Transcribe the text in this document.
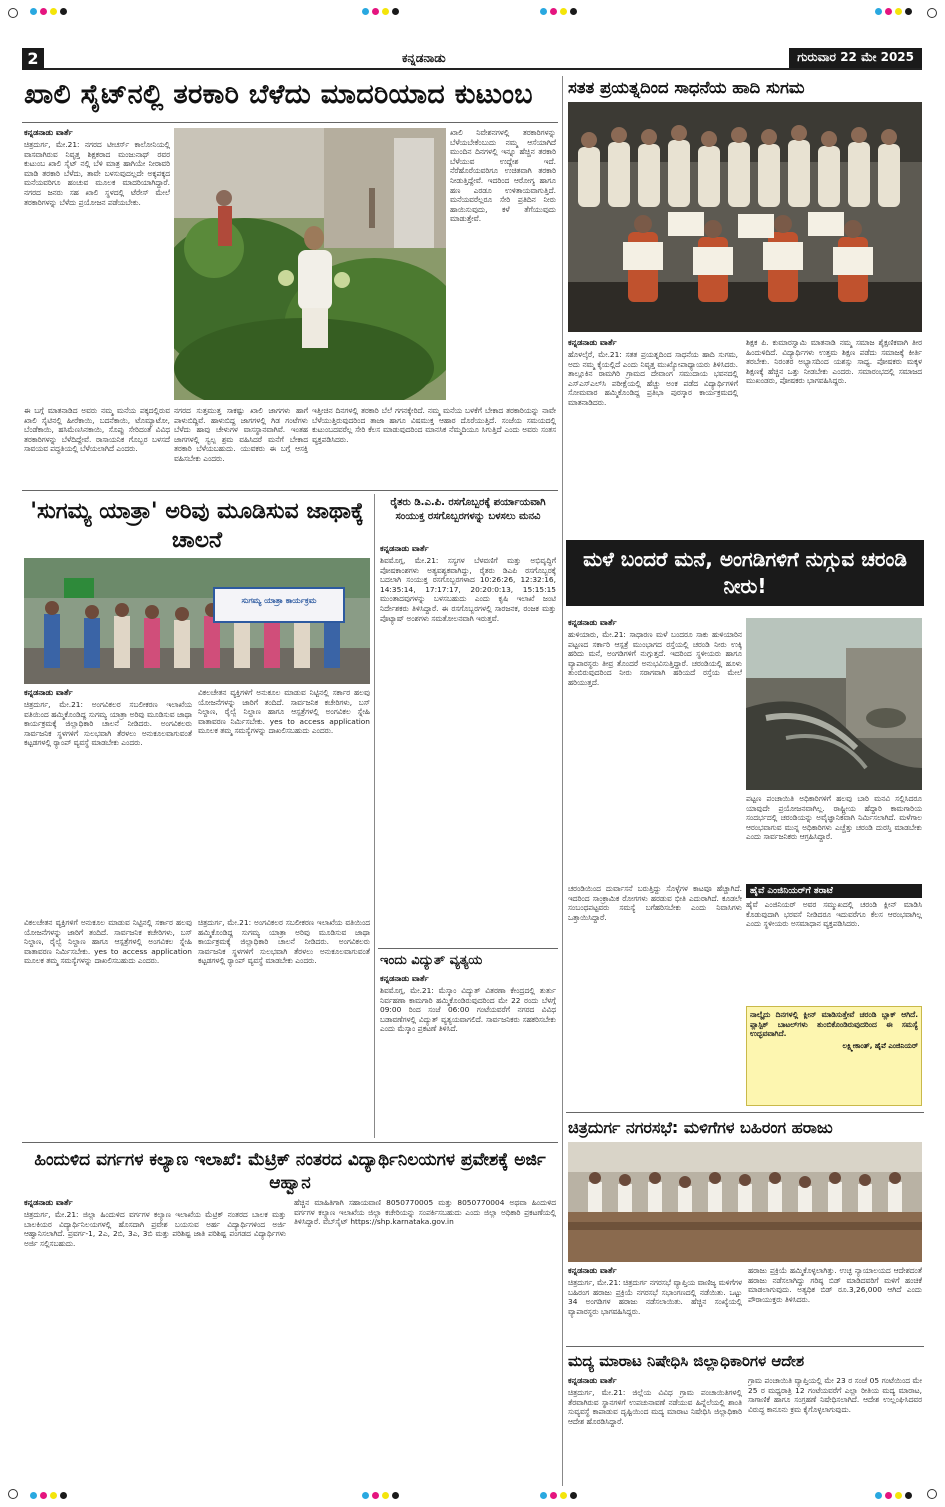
2	ಕನ್ನಡನಾಡು	ಗುರುವಾರ 22 ಮೇ 2025
ಖಾಲಿ ಸೈಟ್‌ನಲ್ಲಿ ತರಕಾರಿ ಬೆಳೆದು ಮಾದರಿಯಾದ ಕುಟುಂಬ
ಕನ್ನಡನಾಡು ವಾರ್ತೆ
ಚಿತ್ರದುರ್ಗ, ಮೇ.21: ನಗರದ ಟೀಚರ್ಸ್ ಕಾಲೋನಿಯಲ್ಲಿ ವಾಸವಾಗಿರುವ ನಿವೃತ್ತ ಶಿಕ್ಷಕರಾದ ಮಂಜುನಾಥ್ ರವರ ಕುಟುಂಬ ಖಾಲಿ ಸೈಟ್ ನಲ್ಲಿ ಬೆಳಿ ಮಾತ್ರ ಹಾಗಿಯೇ ನೀರಾವರಿ ಮಾಡಿ ತರಕಾರಿ ಬೆಳೆದು, ತಾವೇ ಬಳಸುವುದಲ್ಲದೇ ಅಕ್ಕಪಕ್ಕದ ಮನೆಯವರಿಗೂ ಹಂಚುವ ಮೂಲಕ ಮಾದರಿಯಾಗಿದ್ದಾರೆ. ನಗರದ ಜನರು ಸಹ ಖಾಲಿ ಸ್ಥಳದಲ್ಲಿ ಟೆರೇಸ್ ಮೇಲೆ ತರಕಾರಿಗಳನ್ನು ಬೆಳೆದು ಪ್ರಯೋಜನ ಪಡೆಯಬೇಕು.
ಖಾಲಿ ನಿವೇಶನಗಳಲ್ಲಿ ತರಕಾರಿಗಳನ್ನು ಬೆಳೆಯಬೇಕೆಂಬುದು ನಮ್ಮ ಆಸೆಯಾಗಿದೆ ಮುಂದಿನ ದಿನಗಳಲ್ಲಿ ಇನ್ನೂ ಹೆಚ್ಚಿನ ತರಕಾರಿ ಬೆಳೆಯುವ ಉದ್ದೇಶ ಇದೆ. ನೆರೆಹೊರೆಯವರಿಗೂ ಉಚಿತವಾಗಿ ತರಕಾರಿ ನೀಡುತ್ತಿದ್ದೇವೆ. ಇದರಿಂದ ಆರೋಗ್ಯ ಹಾಗೂ ಹಣ ಎರಡೂ ಉಳಿತಾಯವಾಗುತ್ತಿದೆ. ಮನೆಯವರೆಲ್ಲರೂ ಸೇರಿ ಪ್ರತಿದಿನ ನೀರು ಹಾಯಿಸುವುದು, ಕಳೆ ತೆಗೆಯುವುದು ಮಾಡುತ್ತೇವೆ.
ಈ ಬಗ್ಗೆ ಮಾತನಾಡಿದ ಅವರು ನಮ್ಮ ಮನೆಯ ಪಕ್ಕದಲ್ಲಿರುವ ಖಾಲಿ ಸೈಟಿನಲ್ಲಿ ಹೀರೆಕಾಯಿ, ಬದನೆಕಾಯಿ, ಟೊಮ್ಯಾಟೋ, ಬೆಂಡೆಕಾಯಿ, ಹಸಿಮೆಣಸಿನಕಾಯಿ, ಸೊಪ್ಪು ಸೇರಿದಂತೆ ವಿವಿಧ ತರಕಾರಿಗಳನ್ನು ಬೆಳೆದಿದ್ದೇವೆ. ರಾಸಾಯನಿಕ ಗೊಬ್ಬರ ಬಳಸದೆ ಸಾವಯವ ಪದ್ಧತಿಯಲ್ಲಿ ಬೆಳೆಯಲಾಗಿದೆ ಎಂದರು.
ನಗರದ ಸುತ್ತಮುತ್ತ ಸಾಕಷ್ಟು ಖಾಲಿ ಜಾಗಗಳು ಹಾಗೆ ಪಾಳುಬಿದ್ದಿವೆ. ಹಾಳುಬಿದ್ದ ಜಾಗಗಳಲ್ಲಿ ಗಿಡ ಗಂಟೆಗಳು ಬೆಳೆದು ಹಾವು ಚೇಳುಗಳ ವಾಸಸ್ಥಾನವಾಗಿವೆ. ಇಂತಹ ಜಾಗಗಳಲ್ಲಿ ಸ್ವಲ್ಪ ಶ್ರಮ ವಹಿಸಿದರೆ ಮನೆಗೆ ಬೇಕಾದ ತರಕಾರಿ ಬೆಳೆಯಬಹುದು. ಯುವಕರು ಈ ಬಗ್ಗೆ ಆಸಕ್ತಿ ವಹಿಸಬೇಕು ಎಂದರು.
ಇತ್ತೀಚಿನ ದಿನಗಳಲ್ಲಿ ತರಕಾರಿ ಬೆಲೆ ಗಗನಕ್ಕೇರಿದೆ. ನಮ್ಮ ಮನೆಯ ಬಳಕೆಗೆ ಬೇಕಾದ ತರಕಾರಿಯನ್ನು ನಾವೇ ಬೆಳೆಯುತ್ತಿರುವುದರಿಂದ ತಾಜಾ ಹಾಗೂ ವಿಷಮುಕ್ತ ಆಹಾರ ದೊರೆಯುತ್ತಿದೆ. ಸಂಜೆಯ ಸಮಯದಲ್ಲಿ ಕುಟುಂಬದವರೆಲ್ಲ ಸೇರಿ ಕೆಲಸ ಮಾಡುವುದರಿಂದ ಮಾನಸಿಕ ನೆಮ್ಮದಿಯೂ ಸಿಗುತ್ತಿದೆ ಎಂದು ಅವರು ಸಂತಸ ವ್ಯಕ್ತಪಡಿಸಿದರು.
ಸತತ ಪ್ರಯತ್ನದಿಂದ ಸಾಧನೆಯ ಹಾದಿ ಸುಗಮ
ಕನ್ನಡನಾಡು ವಾರ್ತೆ
ಹೊಳಲ್ಕೆರೆ, ಮೇ.21: ಸತತ ಪ್ರಯತ್ನದಿಂದ ಸಾಧನೆಯ ಹಾದಿ ಸುಗಮ, ಅದು ನಮ್ಮ ಕೈಯಲ್ಲಿದೆ ಎಂದು ನಿವೃತ್ತ ಮುಖ್ಯೋಪಾಧ್ಯಾಯರು ತಿಳಿಸಿದರು. ತಾಲ್ಲೂಕಿನ ರಾಮಗಿರಿ ಗ್ರಾಮದ ದೇವಾಂಗ ಸಮುದಾಯ ಭವನದಲ್ಲಿ ಎಸ್‌ಎಸ್‌ಎಲ್‌ಸಿ ಪರೀಕ್ಷೆಯಲ್ಲಿ ಹೆಚ್ಚು ಅಂಕ ಪಡೆದ ವಿದ್ಯಾರ್ಥಿಗಳಿಗೆ ಸೋಮವಾರ ಹಮ್ಮಿಕೊಂಡಿದ್ದ ಪ್ರತಿಭಾ ಪುರಸ್ಕಾರ ಕಾರ್ಯಕ್ರಮದಲ್ಲಿ ಮಾತನಾಡಿದರು.
ಶಿಕ್ಷಕ ಪಿ. ಕುಮಾರಸ್ವಾಮಿ ಮಾತನಾಡಿ ನಮ್ಮ ಸಮಾಜ ಶೈಕ್ಷಣಿಕವಾಗಿ ತೀರ ಹಿಂದುಳಿದಿದೆ. ವಿದ್ಯಾರ್ಥಿಗಳು ಉತ್ತಮ ಶಿಕ್ಷಣ ಪಡೆದು ಸಮಾಜಕ್ಕೆ ಕೀರ್ತಿ ತರಬೇಕು. ನಿರಂತರ ಅಭ್ಯಾಸದಿಂದ ಯಶಸ್ಸು ಸಾಧ್ಯ. ಪೋಷಕರು ಮಕ್ಕಳ ಶಿಕ್ಷಣಕ್ಕೆ ಹೆಚ್ಚಿನ ಒತ್ತು ನೀಡಬೇಕು ಎಂದರು. ಸಮಾರಂಭದಲ್ಲಿ ಸಮಾಜದ ಮುಖಂಡರು, ಪೋಷಕರು ಭಾಗವಹಿಸಿದ್ದರು.
ಮಳೆ ಬಂದರೆ ಮನೆ, ಅಂಗಡಿಗಳಿಗೆ ನುಗ್ಗುವ ಚರಂಡಿ ನೀರು!
ಕನ್ನಡನಾಡು ವಾರ್ತೆ
ಹುಳಿಯಾರು, ಮೇ.21: ಸಾಧಾರಣ ಮಳೆ ಬಂದರೂ ಸಾಕು ಹುಳಿಯಾರಿನ ಪಟ್ಟಣದ ಸರ್ಕಾರಿ ಆಸ್ಪತ್ರೆ ಮುಂಭಾಗದ ರಸ್ತೆಯಲ್ಲಿ ಚರಂಡಿ ನೀರು ಉಕ್ಕಿ ಹರಿದು ಮನೆ, ಅಂಗಡಿಗಳಿಗೆ ನುಗ್ಗುತ್ತದೆ. ಇದರಿಂದ ಸ್ಥಳೀಯರು ಹಾಗೂ ವ್ಯಾಪಾರಸ್ಥರು ತೀವ್ರ ತೊಂದರೆ ಅನುಭವಿಸುತ್ತಿದ್ದಾರೆ. ಚರಂಡಿಯಲ್ಲಿ ಹೂಳು ತುಂಬಿರುವುದರಿಂದ ನೀರು ಸರಾಗವಾಗಿ ಹರಿಯದೆ ರಸ್ತೆಯ ಮೇಲೆ ಹರಿಯುತ್ತದೆ.
ಪಟ್ಟಣ ಪಂಚಾಯಿತಿ ಅಧಿಕಾರಿಗಳಿಗೆ ಹಲವು ಬಾರಿ ಮನವಿ ಸಲ್ಲಿಸಿದರೂ ಯಾವುದೇ ಪ್ರಯೋಜನವಾಗಿಲ್ಲ. ರಾಷ್ಟ್ರೀಯ ಹೆದ್ದಾರಿ ಕಾಮಗಾರಿಯ ಸಂದರ್ಭದಲ್ಲಿ ಚರಂಡಿಯನ್ನು ಅವೈಜ್ಞಾನಿಕವಾಗಿ ನಿರ್ಮಿಸಲಾಗಿದೆ. ಮಳೆಗಾಲ ಆರಂಭವಾಗುವ ಮುನ್ನ ಅಧಿಕಾರಿಗಳು ಎಚ್ಚೆತ್ತು ಚರಂಡಿ ದುರಸ್ತಿ ಮಾಡಬೇಕು ಎಂದು ಸಾರ್ವಜನಿಕರು ಆಗ್ರಹಿಸಿದ್ದಾರೆ.
ಹೈವೆ ಎಂಜಿನಿಯರ್‌ಗೆ ತರಾಟೆ
ಹೈವೆ ಎಂಜಿನಿಯರ್ ಅವರ ಸಮ್ಮುಖದಲ್ಲಿ ಚರಂಡಿ ಕ್ಲೀನ್ ಮಾಡಿಸಿ ಕೊಡುವುದಾಗಿ ಭರವಸೆ ನೀಡಿದರೂ ಇದುವರೆಗೂ ಕೆಲಸ ಆರಂಭವಾಗಿಲ್ಲ ಎಂದು ಸ್ಥಳೀಯರು ಅಸಮಾಧಾನ ವ್ಯಕ್ತಪಡಿಸಿದರು.
ನಾಲ್ಕೈದು ದಿನಗಳಲ್ಲಿ ಕ್ಲೀನ್ ಮಾಡಿಸುತ್ತೇವೆ ಚರಂಡಿ ಬ್ಲಾಕ್ ಆಗಿದೆ. ಪ್ಲಾಸ್ಟಿಕ್ ಬಾಟಲ್‌ಗಳು ತುಂಬಿಕೊಂಡಿರುವುದರಿಂದ ಈ ಸಮಸ್ಯೆ ಉದ್ಭವವಾಗಿದೆ.
ಲಕ್ಷ್ಮೀಕಾಂತ್, ಹೈವೆ ಎಂಜಿನಿಯರ್
ಚರಂಡಿಯಿಂದ ದುರ್ವಾಸನೆ ಬರುತ್ತಿದ್ದು ಸೊಳ್ಳೆಗಳ ಕಾಟವೂ ಹೆಚ್ಚಾಗಿದೆ. ಇದರಿಂದ ಸಾಂಕ್ರಾಮಿಕ ರೋಗಗಳು ಹರಡುವ ಭೀತಿ ಎದುರಾಗಿದೆ. ಕೂಡಲೇ ಸಂಬಂಧಪಟ್ಟವರು ಸಮಸ್ಯೆ ಬಗೆಹರಿಸಬೇಕು ಎಂದು ನಿವಾಸಿಗಳು ಒತ್ತಾಯಿಸಿದ್ದಾರೆ.
'ಸುಗಮ್ಯ ಯಾತ್ರಾ' ಅರಿವು ಮೂಡಿಸುವ ಜಾಥಾಕ್ಕೆ ಚಾಲನೆ
ಸುಗಮ್ಯ ಯಾತ್ರಾ ಕಾರ್ಯಕ್ರಮ
ಕನ್ನಡನಾಡು ವಾರ್ತೆ
ಚಿತ್ರದುರ್ಗ, ಮೇ.21: ಅಂಗವಿಕಲರ ಸಬಲೀಕರಣ ಇಲಾಖೆಯ ವತಿಯಿಂದ ಹಮ್ಮಿಕೊಂಡಿದ್ದ ಸುಗಮ್ಯ ಯಾತ್ರಾ ಅರಿವು ಮೂಡಿಸುವ ಜಾಥಾ ಕಾರ್ಯಕ್ರಮಕ್ಕೆ ಜಿಲ್ಲಾಧಿಕಾರಿ ಚಾಲನೆ ನೀಡಿದರು. ಅಂಗವಿಕಲರು ಸಾರ್ವಜನಿಕ ಸ್ಥಳಗಳಿಗೆ ಸುಲಭವಾಗಿ ತೆರಳಲು ಅನುಕೂಲವಾಗುವಂತೆ ಕಟ್ಟಡಗಳಲ್ಲಿ ರ‍್ಯಾಂಪ್ ವ್ಯವಸ್ಥೆ ಮಾಡಬೇಕು ಎಂದರು.
ವಿಕಲಚೇತನ ವ್ಯಕ್ತಿಗಳಿಗೆ ಅನುಕೂಲ ಮಾಡುವ ನಿಟ್ಟಿನಲ್ಲಿ ಸರ್ಕಾರ ಹಲವು ಯೋಜನೆಗಳನ್ನು ಜಾರಿಗೆ ತಂದಿದೆ. ಸಾರ್ವಜನಿಕ ಕಚೇರಿಗಳು, ಬಸ್ ನಿಲ್ದಾಣ, ರೈಲ್ವೆ ನಿಲ್ದಾಣ ಹಾಗೂ ಆಸ್ಪತ್ರೆಗಳಲ್ಲಿ ಅಂಗವಿಕಲ ಸ್ನೇಹಿ ವಾತಾವರಣ ನಿರ್ಮಿಸಬೇಕು. yes to access application ಮೂಲಕ ತಮ್ಮ ಸಮಸ್ಯೆಗಳನ್ನು ದಾಖಲಿಸಬಹುದು ಎಂದರು.
ರೈತರು ಡಿ.ಎ.ಪಿ. ರಸಗೊಬ್ಬರಕ್ಕೆ ಪರ್ಯಾಯವಾಗಿ ಸಂಯುಕ್ತ ರಸಗೊಬ್ಬರಗಳನ್ನು ಬಳಸಲು ಮನವಿ
ಕನ್ನಡನಾಡು ವಾರ್ತೆ
ಶಿವಮೊಗ್ಗ, ಮೇ.21: ಸಸ್ಯಗಳ ಬೆಳವಣಿಗೆ ಮತ್ತು ಅಭಿವೃದ್ಧಿಗೆ ಪೋಷಕಾಂಶಗಳು ಅತ್ಯವಶ್ಯಕವಾಗಿದ್ದು, ರೈತರು ಡಿಎಪಿ ರಸಗೊಬ್ಬರಕ್ಕೆ ಬದಲಾಗಿ ಸಂಯುಕ್ತ ರಸಗೊಬ್ಬರಗಳಾದ 10:26:26, 12:32:16, 14:35:14, 17:17:17, 20:20:0:13, 15:15:15 ಮುಂತಾದವುಗಳನ್ನು ಬಳಸಬಹುದು ಎಂದು ಕೃಷಿ ಇಲಾಖೆ ಜಂಟಿ ನಿರ್ದೇಶಕರು ತಿಳಿಸಿದ್ದಾರೆ. ಈ ರಸಗೊಬ್ಬರಗಳಲ್ಲಿ ಸಾರಜನಕ, ರಂಜಕ ಮತ್ತು ಪೊಟ್ಯಾಷ್ ಅಂಶಗಳು ಸಮತೋಲನವಾಗಿ ಇರುತ್ತವೆ.
ಇಂದು ವಿದ್ಯುತ್ ವ್ಯತ್ಯಯ
ಕನ್ನಡನಾಡು ವಾರ್ತೆ
ಶಿವಮೊಗ್ಗ, ಮೇ.21: ಮೆಸ್ಕಾಂ ವಿದ್ಯುತ್ ವಿತರಣಾ ಕೇಂದ್ರದಲ್ಲಿ ತುರ್ತು ನಿರ್ವಹಣಾ ಕಾಮಗಾರಿ ಹಮ್ಮಿಕೊಂಡಿರುವುದರಿಂದ ಮೇ 22 ರಂದು ಬೆಳಗ್ಗೆ 09:00 ರಿಂದ ಸಂಜೆ 06:00 ಗಂಟೆಯವರೆಗೆ ನಗರದ ವಿವಿಧ ಬಡಾವಣೆಗಳಲ್ಲಿ ವಿದ್ಯುತ್ ವ್ಯತ್ಯಯವಾಗಲಿದೆ. ಸಾರ್ವಜನಿಕರು ಸಹಕರಿಸಬೇಕು ಎಂದು ಮೆಸ್ಕಾಂ ಪ್ರಕಟಣೆ ತಿಳಿಸಿದೆ.
ವಿಕಲಚೇತನ ವ್ಯಕ್ತಿಗಳಿಗೆ ಅನುಕೂಲ ಮಾಡುವ ನಿಟ್ಟಿನಲ್ಲಿ ಸರ್ಕಾರ ಹಲವು ಯೋಜನೆಗಳನ್ನು ಜಾರಿಗೆ ತಂದಿದೆ. ಸಾರ್ವಜನಿಕ ಕಚೇರಿಗಳು, ಬಸ್ ನಿಲ್ದಾಣ, ರೈಲ್ವೆ ನಿಲ್ದಾಣ ಹಾಗೂ ಆಸ್ಪತ್ರೆಗಳಲ್ಲಿ ಅಂಗವಿಕಲ ಸ್ನೇಹಿ ವಾತಾವರಣ ನಿರ್ಮಿಸಬೇಕು. yes to access application ಮೂಲಕ ತಮ್ಮ ಸಮಸ್ಯೆಗಳನ್ನು ದಾಖಲಿಸಬಹುದು ಎಂದರು.
ಚಿತ್ರದುರ್ಗ, ಮೇ.21: ಅಂಗವಿಕಲರ ಸಬಲೀಕರಣ ಇಲಾಖೆಯ ವತಿಯಿಂದ ಹಮ್ಮಿಕೊಂಡಿದ್ದ ಸುಗಮ್ಯ ಯಾತ್ರಾ ಅರಿವು ಮೂಡಿಸುವ ಜಾಥಾ ಕಾರ್ಯಕ್ರಮಕ್ಕೆ ಜಿಲ್ಲಾಧಿಕಾರಿ ಚಾಲನೆ ನೀಡಿದರು. ಅಂಗವಿಕಲರು ಸಾರ್ವಜನಿಕ ಸ್ಥಳಗಳಿಗೆ ಸುಲಭವಾಗಿ ತೆರಳಲು ಅನುಕೂಲವಾಗುವಂತೆ ಕಟ್ಟಡಗಳಲ್ಲಿ ರ‍್ಯಾಂಪ್ ವ್ಯವಸ್ಥೆ ಮಾಡಬೇಕು ಎಂದರು.
ಚಿತ್ರದುರ್ಗ ನಗರಸಭೆ: ಮಳಿಗೆಗಳ ಬಹಿರಂಗ ಹರಾಜು
ಕನ್ನಡನಾಡು ವಾರ್ತೆ
ಚಿತ್ರದುರ್ಗ, ಮೇ.21: ಚಿತ್ರದುರ್ಗ ನಗರಸಭೆ ವ್ಯಾಪ್ತಿಯ ವಾಣಿಜ್ಯ ಮಳಿಗೆಗಳ ಬಹಿರಂಗ ಹರಾಜು ಪ್ರಕ್ರಿಯೆ ನಗರಸಭೆ ಸಭಾಂಗಣದಲ್ಲಿ ನಡೆಯಿತು. ಒಟ್ಟು 34 ಅಂಗಡಿಗಳ ಹರಾಜು ನಡೆಸಲಾಯಿತು. ಹೆಚ್ಚಿನ ಸಂಖ್ಯೆಯಲ್ಲಿ ವ್ಯಾಪಾರಸ್ಥರು ಭಾಗವಹಿಸಿದ್ದರು.
ಹರಾಜು ಪ್ರಕ್ರಿಯೆ ಹಮ್ಮಿಕೊಳ್ಳಲಾಗಿತ್ತು. ಉಚ್ಛ ನ್ಯಾಯಾಲಯದ ಆದೇಶದಂತೆ ಹರಾಜು ನಡೆಸಲಾಗಿದ್ದು ಗರಿಷ್ಠ ಬಿಡ್ ಮಾಡಿದವರಿಗೆ ಮಳಿಗೆ ಹಂಚಿಕೆ ಮಾಡಲಾಗುವುದು. ಅತ್ಯಧಿಕ ಬಿಡ್ ರೂ.3,26,000 ಆಗಿದೆ ಎಂದು ಪೌರಾಯುಕ್ತರು ತಿಳಿಸಿದರು.
ಹಿಂದುಳಿದ ವರ್ಗಗಳ ಕಲ್ಯಾಣ ಇಲಾಖೆ: ಮೆಟ್ರಿಕ್ ನಂತರದ ವಿದ್ಯಾರ್ಥಿನಿಲಯಗಳ ಪ್ರವೇಶಕ್ಕೆ ಅರ್ಜಿ ಆಹ್ವಾನ
ಕನ್ನಡನಾಡು ವಾರ್ತೆ
ಚಿತ್ರದುರ್ಗ, ಮೇ.21: ಜಿಲ್ಲಾ ಹಿಂದುಳಿದ ವರ್ಗಗಳ ಕಲ್ಯಾಣ ಇಲಾಖೆಯ ಮೆಟ್ರಿಕ್ ನಂತರದ ಬಾಲಕ ಮತ್ತು ಬಾಲಕಿಯರ ವಿದ್ಯಾರ್ಥಿನಿಲಯಗಳಲ್ಲಿ ಹೊಸದಾಗಿ ಪ್ರವೇಶ ಬಯಸುವ ಅರ್ಹ ವಿದ್ಯಾರ್ಥಿಗಳಿಂದ ಅರ್ಜಿ ಆಹ್ವಾನಿಸಲಾಗಿದೆ. ಪ್ರವರ್ಗ-1, 2ಎ, 2ಬಿ, 3ಎ, 3ಬಿ ಮತ್ತು ಪರಿಶಿಷ್ಟ ಜಾತಿ ಪರಿಶಿಷ್ಟ ಪಂಗಡದ ವಿದ್ಯಾರ್ಥಿಗಳು ಅರ್ಜಿ ಸಲ್ಲಿಸಬಹುದು.
ಹೆಚ್ಚಿನ ಮಾಹಿತಿಗಾಗಿ ಸಹಾಯವಾಣಿ 8050770005 ಮತ್ತು 8050770004 ಅಥವಾ ಹಿಂದುಳಿದ ವರ್ಗಗಳ ಕಲ್ಯಾಣ ಇಲಾಖೆಯ ಜಿಲ್ಲಾ ಕಚೇರಿಯನ್ನು ಸಂಪರ್ಕಿಸಬಹುದು ಎಂದು ಜಿಲ್ಲಾ ಅಧಿಕಾರಿ ಪ್ರಕಟಣೆಯಲ್ಲಿ ತಿಳಿಸಿದ್ದಾರೆ. ವೆಬ್‌ಸೈಟ್ https://shp.karnataka.gov.in
ಮದ್ಯ ಮಾರಾಟ ನಿಷೇಧಿಸಿ ಜಿಲ್ಲಾಧಿಕಾರಿಗಳ ಆದೇಶ
ಕನ್ನಡನಾಡು ವಾರ್ತೆ
ಚಿತ್ರದುರ್ಗ, ಮೇ.21: ಜಿಲ್ಲೆಯ ವಿವಿಧ ಗ್ರಾಮ ಪಂಚಾಯಿತಿಗಳಲ್ಲಿ ತೆರವಾಗಿರುವ ಸ್ಥಾನಗಳಿಗೆ ಉಪಚುನಾವಣೆ ನಡೆಯುವ ಹಿನ್ನೆಲೆಯಲ್ಲಿ ಶಾಂತಿ ಸುವ್ಯವಸ್ಥೆ ಕಾಪಾಡುವ ದೃಷ್ಟಿಯಿಂದ ಮದ್ಯ ಮಾರಾಟ ನಿಷೇಧಿಸಿ ಜಿಲ್ಲಾಧಿಕಾರಿ ಆದೇಶ ಹೊರಡಿಸಿದ್ದಾರೆ.
ಗ್ರಾಮ ಪಂಚಾಯಿತಿ ವ್ಯಾಪ್ತಿಯಲ್ಲಿ ಮೇ 23 ರ ಸಂಜೆ 05 ಗಂಟೆಯಿಂದ ಮೇ 25 ರ ಮಧ್ಯರಾತ್ರಿ 12 ಗಂಟೆಯವರೆಗೆ ಎಲ್ಲಾ ರೀತಿಯ ಮದ್ಯ ಮಾರಾಟ, ಸಾಗಾಣಿಕೆ ಹಾಗೂ ಸಂಗ್ರಹಣೆ ನಿಷೇಧಿಸಲಾಗಿದೆ. ಆದೇಶ ಉಲ್ಲಂಘಿಸಿದವರ ವಿರುದ್ಧ ಕಾನೂನು ಕ್ರಮ ಕೈಗೊಳ್ಳಲಾಗುವುದು.
